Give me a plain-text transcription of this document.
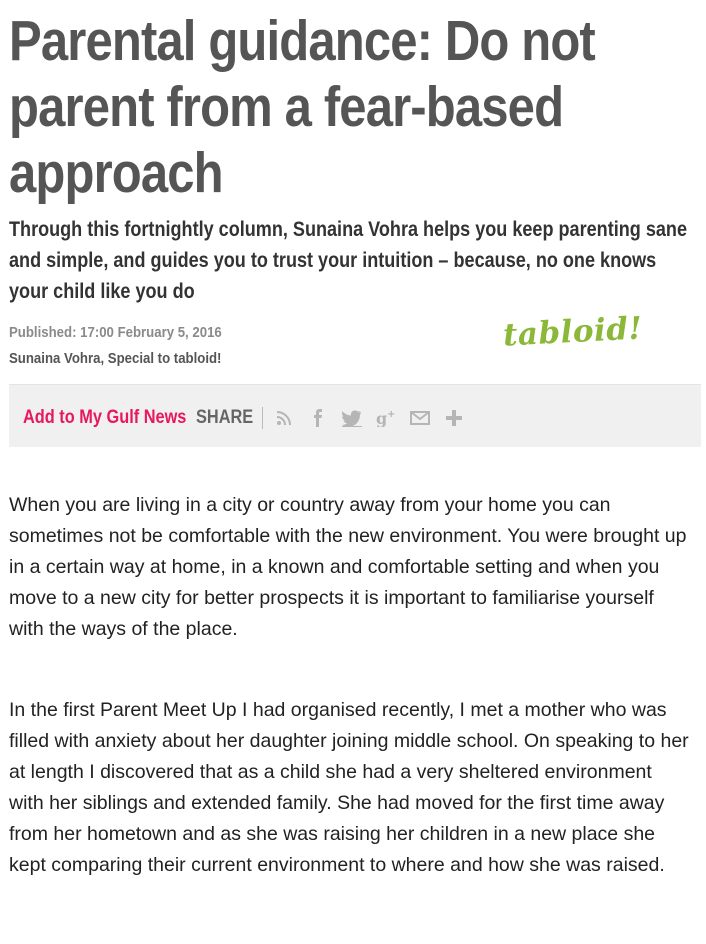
Parental guidance: Do not parent from a fear-based approach

Through this fortnightly column, Sunaina Vohra helps you keep parenting sane and simple, and guides you to trust your intuition – because, no one knows your child like you do

Published: 17:00 February 5, 2016
Sunaina Vohra, Special to tabloid!
tabloid!
Add to My Gulf News SHARE	g +

When you are living in a city or country away from your home you can sometimes not be comfortable with the new environment. You were brought up in a certain way at home, in a known and comfortable setting and when you move to a new city for better prospects it is important to familiarise yourself with the ways of the place.

In the first Parent Meet Up I had organised recently, I met a mother who was filled with anxiety about her daughter joining middle school. On speaking to her at length I discovered that as a child she had a very sheltered environment with her siblings and extended family. She had moved for the first time away from her hometown and as she was raising her children in a new place she kept comparing their current environment to where and how she was raised.
